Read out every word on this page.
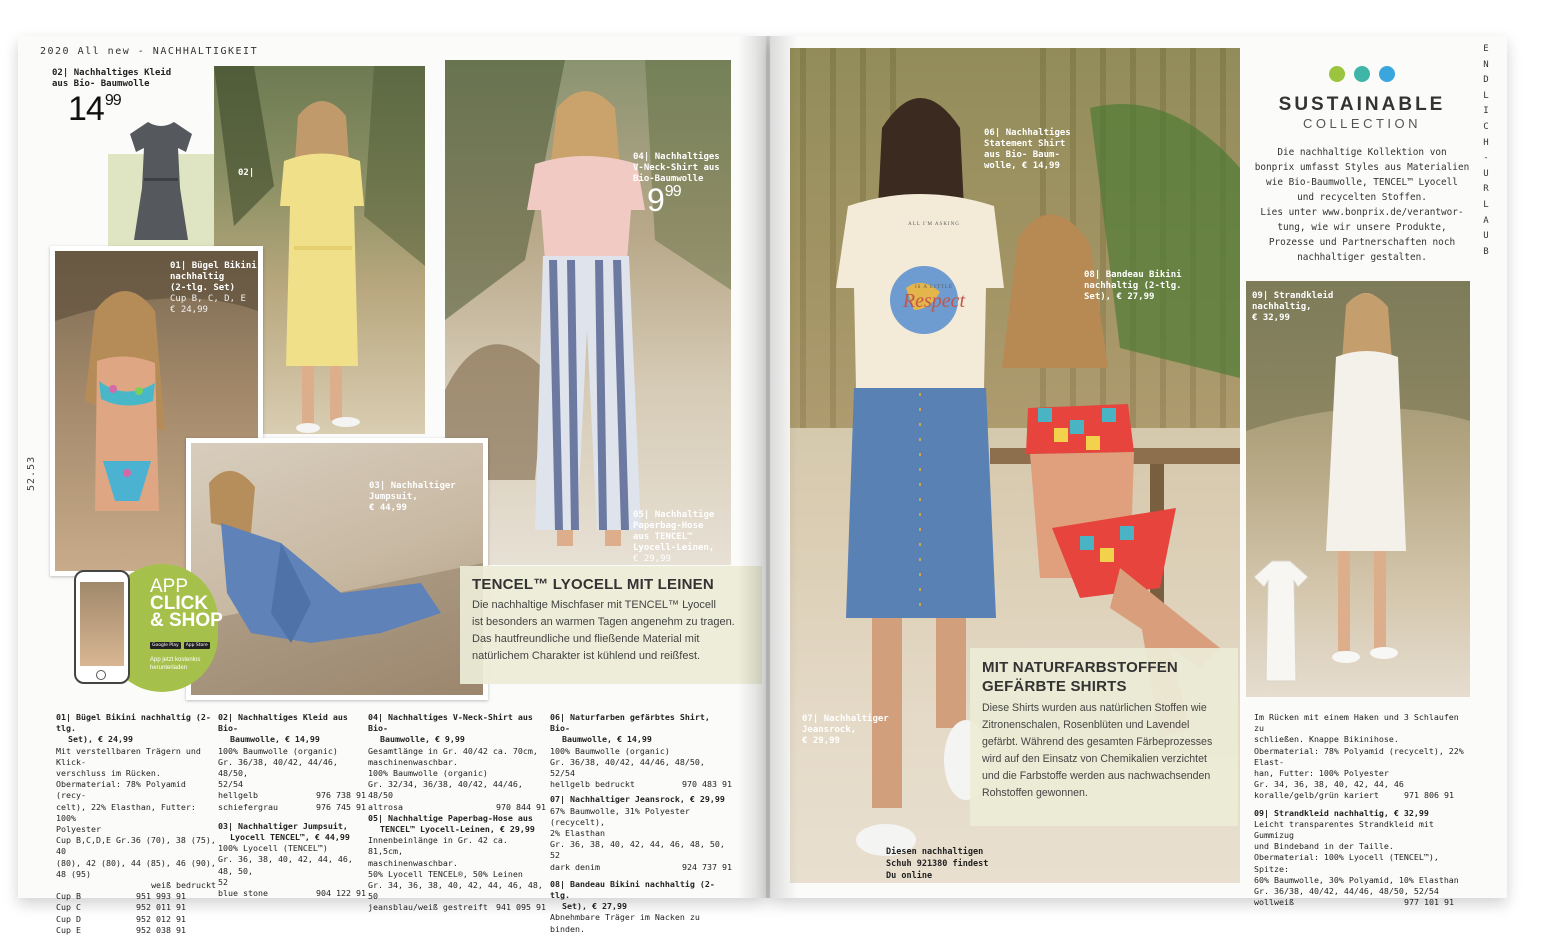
2020 All new - NACHHALTIGKEIT
52.53
02| Nachhaltiges Kleid
aus Bio- Baumwolle
$14^{99}$
02|
04| Nachhaltiges
V-Neck-Shirt aus
Bio-Baumwolle
$9^{99}$
05| Nachhaltige
Paperbag-Hose
aus TENCEL™
Lyocell-Leinen,
€ 29,99
01| Bügel Bikini
nachhaltig
(2-tlg. Set)
Cup B, C, D, E
€ 24,99
03| Nachhaltiger
Jumpsuit,
€ 44,99
APP
CLICK
& SHOP
Google Play	App Store
App jetzt kostenlos
herunterladen
TENCEL™ LYOCELL MIT LEINEN
Die nachhaltige Mischfaser mit TENCEL™ Lyocell
ist besonders an warmen Tagen angenehm zu tragen.
Das hautfreundliche und fließende Material mit
natürlichem Charakter ist kühlend und reißfest.
01| Bügel Bikini nachhaltig (2-tlg.
Set), € 24,99
Mit verstellbaren Trägern und Klick-
verschluss im Rücken.
Obermaterial: 78% Polyamid (recy-
celt), 22% Elasthan, Futter: 100%
Polyester
Cup B,C,D,E Gr.36 (70), 38 (75), 40
(80), 42 (80), 44 (85), 46 (90), 48 (95)
weiß bedruckt
Cup B	951 993 91
Cup C	952 011 91
Cup D	952 012 91
Cup E	952 038 91
02| Nachhaltiges Kleid aus Bio-
Baumwolle, € 14,99
100% Baumwolle (organic)
Gr. 36/38, 40/42, 44/46, 48/50,
52/54
hellgelb	976 738 91
schiefergrau	976 745 91
03| Nachhaltiger Jumpsuit,
Lyocell TENCEL™, € 44,99
100% Lyocell (TENCEL™)
Gr. 36, 38, 40, 42, 44, 46, 48, 50,
52
blue stone	904 122 91
04| Nachhaltiges V-Neck-Shirt aus Bio-
Baumwolle, € 9,99
Gesamtlänge in Gr. 40/42 ca. 70cm,
maschinenwaschbar.
100% Baumwolle (organic)
Gr. 32/34, 36/38, 40/42, 44/46, 48/50
altrosa	970 844 91
05| Nachhaltige Paperbag-Hose aus
TENCEL™ Lyocell-Leinen, € 29,99
Innenbeinlänge in Gr. 42 ca. 81,5cm,
maschinenwaschbar.
50% Lyocell TENCEL®, 50% Leinen
Gr. 34, 36, 38, 40, 42, 44, 46, 48, 50
jeansblau/weiß gestreift 941 095 91
06| Naturfarben gefärbtes Shirt, Bio-
Baumwolle, € 14,99
100% Baumwolle (organic)
Gr. 36/38, 40/42, 44/46, 48/50, 52/54
hellgelb bedruckt	970 483 91
07| Nachhaltiger Jeansrock, € 29,99
67% Baumwolle, 31% Polyester (recycelt),
2% Elasthan
Gr. 36, 38, 40, 42, 44, 46, 48, 50, 52
dark denim	924 737 91
08| Bandeau Bikini nachhaltig (2-tlg.
Set), € 27,99
Abnehmbare Träger im Nacken zu binden.
06| Nachhaltiges
Statement Shirt
aus Bio- Baum-
wolle, € 14,99
08| Bandeau Bikini
nachhaltig (2-tlg.
Set), € 27,99
07| Nachhaltiger
Jeansrock,
€ 29,99
Diesen nachhaltigen
Schuh 921380 findest
Du online
ALL I'M ASKING
IS A LITTLE
Respect
MIT NATURFARBSTOFFEN
GEFÄRBTE SHIRTS
Diese Shirts wurden aus natürlichen Stoffen wie
Zitronenschalen, Rosenblüten und Lavendel
gefärbt. Während des gesamten Färbeprozesses
wird auf den Einsatz von Chemikalien verzichtet
und die Farbstoffe werden aus nachwachsenden
Rohstoffen gewonnen.

SUSTAINABLE
COLLECTION
Die nachhaltige Kollektion von
bonprix umfasst Styles aus Materialien
wie Bio-Baumwolle, TENCEL™ Lyocell
und recycelten Stoffen.
Lies unter www.bonprix.de/verantwor-
tung, wie wir unsere Produkte,
Prozesse und Partnerschaften noch
nachhaltiger gestalten.
E
N
D
L
I
C
H
-
U
R
L
A
U
B
09| Strandkleid
nachhaltig,
€ 32,99
Im Rücken mit einem Haken und 3 Schlaufen zu
schließen. Knappe Bikinihose.
Obermaterial: 78% Polyamid (recycelt), 22% Elast-
han, Futter: 100% Polyester
Gr. 34, 36, 38, 40, 42, 44, 46
koralle/gelb/grün kariert	971 806 91
09| Strandkleid nachhaltig, € 32,99
Leicht transparentes Strandkleid mit Gummizug
und Bindeband in der Taille.
Obermaterial: 100% Lyocell (TENCEL™), Spitze:
60% Baumwolle, 30% Polyamid, 10% Elasthan
Gr. 36/38, 40/42, 44/46, 48/50, 52/54
wollweiß	977 101 91
